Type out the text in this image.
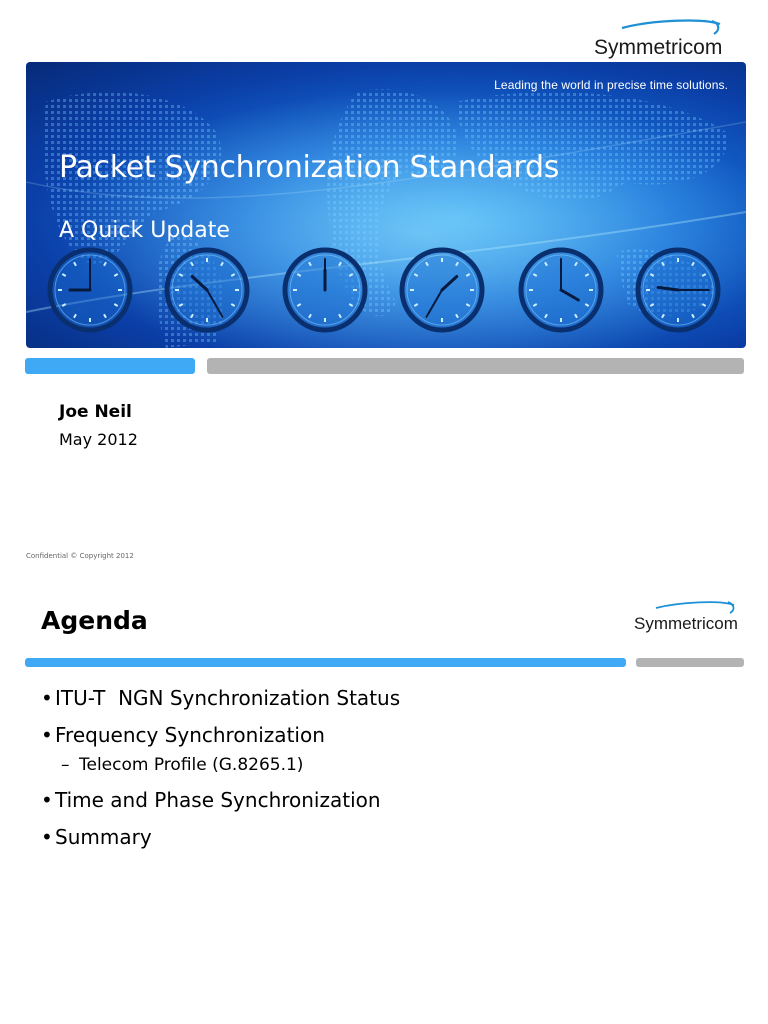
Symmetricom
Leading the world in precise time solutions.
Packet Synchronization Standards
A Quick Update
Joe Neil
May 2012
Confidential © Copyright 2012
Agenda	Symmetricom
• ITU-T  NGN Synchronization Status
• Frequency Synchronization
– Telecom Profile (G.8265.1)
• Time and Phase Synchronization
• Summary
